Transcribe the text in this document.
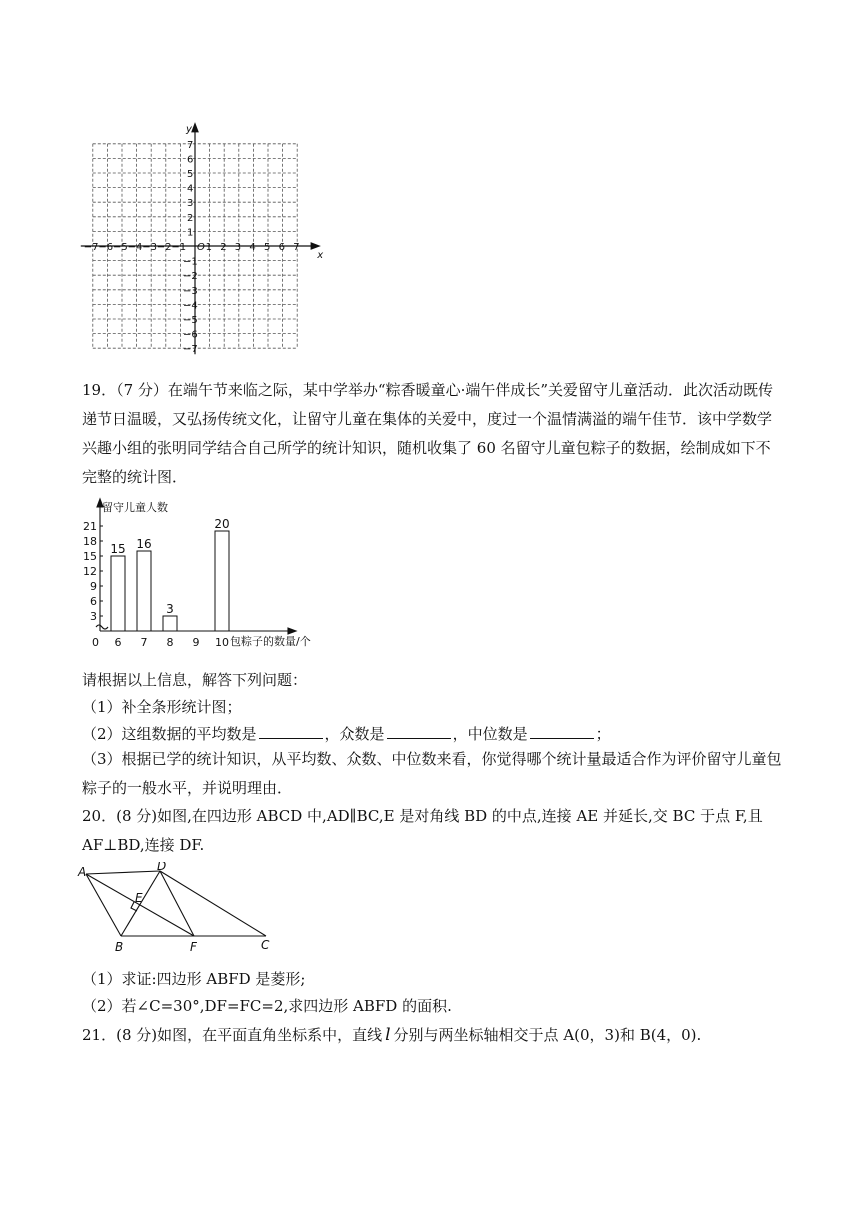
−7 −6 −5 −4 −3 −2 −1 1 2 3 4 5 6 7
1
2
3
4
5
6
7
−1
−2
−3
−4
−5
−6
−7
O
x
y
19．（7 分）在端午节来临之际，某中学举办“粽香暖童心·端午伴成长”关爱留守儿童活动．此次活动既传递节日温暖，又弘扬传统文化，让留守儿童在集体的关爱中，度过一个温情满溢的端午佳节．该中学数学兴趣小组的张明同学结合自己所学的统计知识，随机收集了 60 名留守儿童包粽子的数据，绘制成如下不完整的统计图．
3
6
9
12
15
18
21
6
15
7
16
8
3
9 10
20
留守儿童人数
包粽子的数量/个
0
请根据以上信息，解答下列问题：
（1）补全条形统计图；
（2）这组数据的平均数是	，众数是	，中位数是	；
（3）根据已学的统计知识，从平均数、众数、中位数来看，你觉得哪个统计量最适合作为评价留守儿童包粽子的一般水平，并说明理由．
20．(8 分)如图,在四边形 ABCD 中,AD∥BC,E 是对角线 BD 的中点,连接 AE 并延长,交 BC 于点 F,且 AF⊥BD,连接 DF.
A	D
E
B	F	C
（1）求证:四边形 ABFD 是菱形;
（2）若∠C=30°,DF=FC=2,求四边形 ABFD 的面积.
21．(8 分)如图，在平面直角坐标系中，直线 l 分别与两坐标轴相交于点 A(0，3)和 B(4，0).
